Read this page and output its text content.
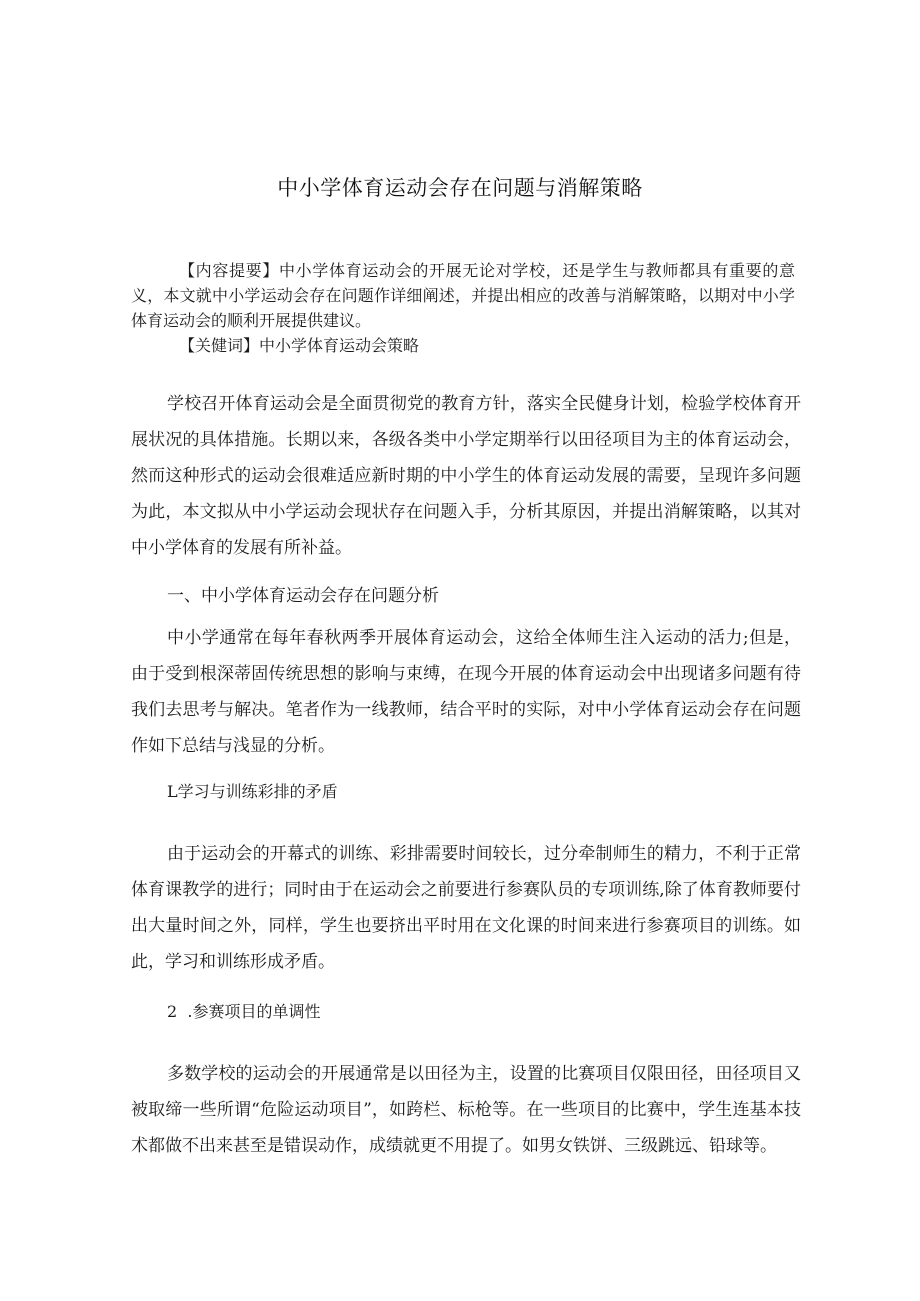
中小学体育运动会存在问题与消解策略

【内容提要】中小学体育运动会的开展无论对学校，还是学生与教师都具有重要的意义，本文就中小学运动会存在问题作详细阐述，并提出相应的改善与消解策略，以期对中小学体育运动会的顺利开展提供建议。

【关健词】中小学体育运动会策略

学校召开体育运动会是全面贯彻党的教育方针，落实全民健身计划，检验学校体育开展状况的具体措施。长期以来，各级各类中小学定期举行以田径项目为主的体育运动会，然而这种形式的运动会很难适应新时期的中小学生的体育运动发展的需要，呈现许多问题为此，本文拟从中小学运动会现状存在问题入手，分析其原因，并提出消解策略，以其对中小学体育的发展有所补益。

一、中小学体育运动会存在问题分析

中小学通常在每年春秋两季开展体育运动会，这给全体师生注入运动的活力;但是，由于受到根深蒂固传统思想的影响与束缚，在现今开展的体育运动会中出现诸多问题有待我们去思考与解决。笔者作为一线教师，结合平时的实际，对中小学体育运动会存在问题作如下总结与浅显的分析。

L学习与训练彩排的矛盾

由于运动会的开幕式的训练、彩排需要时间较长，过分牵制师生的精力，不利于正常体育课教学的进行；同时由于在运动会之前要进行参赛队员的专项训练,除了体育教师要付出大量时间之外，同样，学生也要挤出平时用在文化课的时间来进行参赛项目的训练。如此，学习和训练形成矛盾。

2  .参赛项目的单调性

多数学校的运动会的开展通常是以田径为主，设置的比赛项目仅限田径，田径项目又被取缔一些所谓“危险运动项目”，如跨栏、标枪等。在一些项目的比赛中，学生连基本技术都做不出来甚至是错误动作，成绩就更不用提了。如男女铁饼、三级跳远、铅球等。
